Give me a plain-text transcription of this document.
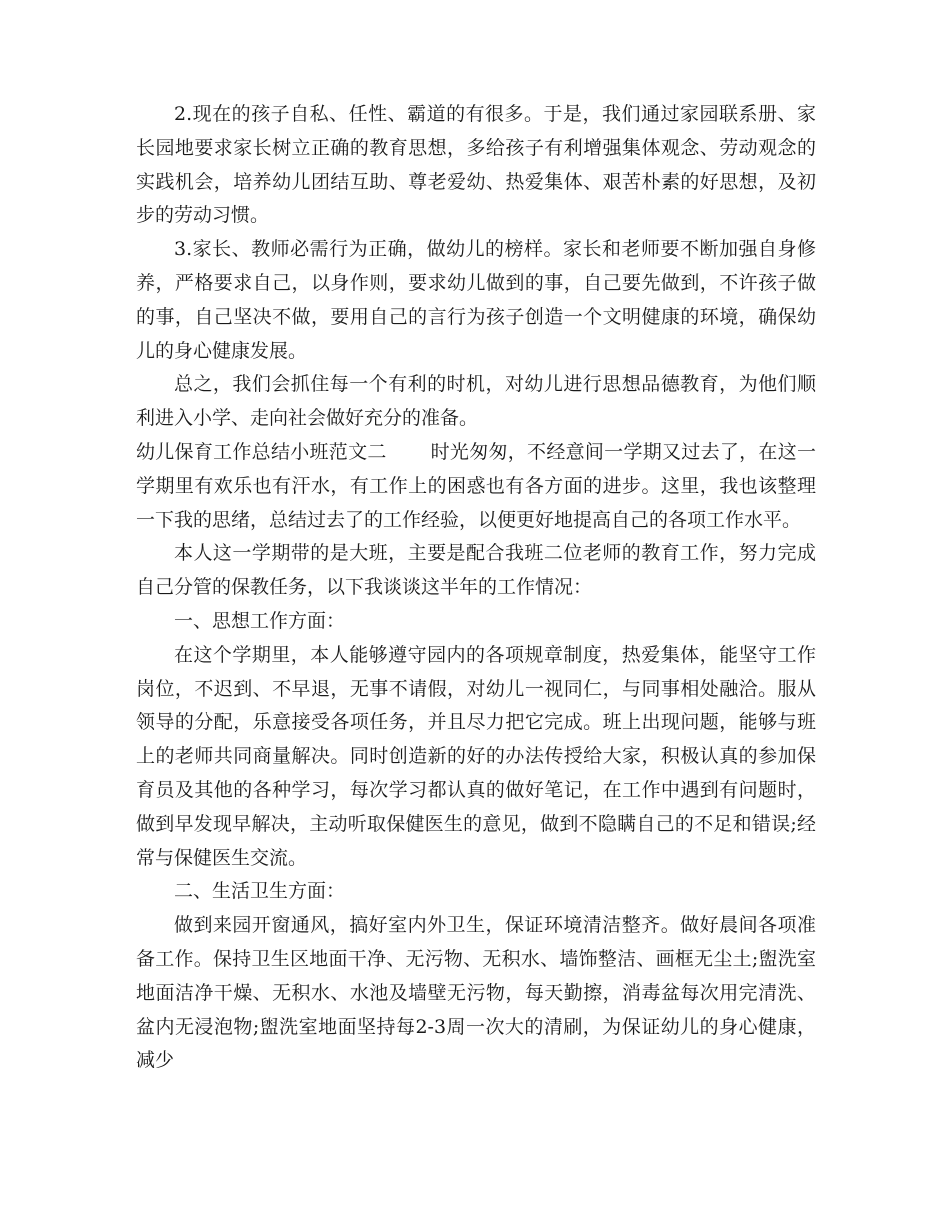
2.现在的孩子自私、任性、霸道的有很多。于是，我们通过家园联系册、家长园地要求家长树立正确的教育思想，多给孩子有利增强集体观念、劳动观念的实践机会，培养幼儿团结互助、尊老爱幼、热爱集体、艰苦朴素的好思想，及初步的劳动习惯。

3.家长、教师必需行为正确，做幼儿的榜样。家长和老师要不断加强自身修养，严格要求自己，以身作则，要求幼儿做到的事，自己要先做到，不许孩子做的事，自己坚决不做，要用自己的言行为孩子创造一个文明健康的环境，确保幼儿的身心健康发展。

总之，我们会抓住每一个有利的时机，对幼儿进行思想品德教育，为他们顺利进入小学、走向社会做好充分的准备。

幼儿保育工作总结小班范文二 时光匆匆，不经意间一学期又过去了，在这一学期里有欢乐也有汗水，有工作上的困惑也有各方面的进步。这里，我也该整理一下我的思绪，总结过去了的工作经验，以便更好地提高自己的各项工作水平。

本人这一学期带的是大班，主要是配合我班二位老师的教育工作，努力完成自己分管的保教任务，以下我谈谈这半年的工作情况：

一、思想工作方面：

在这个学期里，本人能够遵守园内的各项规章制度，热爱集体，能坚守工作岗位，不迟到、不早退，无事不请假，对幼儿一视同仁，与同事相处融洽。服从领导的分配，乐意接受各项任务，并且尽力把它完成。班上出现问题，能够与班上的老师共同商量解决。同时创造新的好的办法传授给大家，积极认真的参加保育员及其他的各种学习，每次学习都认真的做好笔记，在工作中遇到有问题时，做到早发现早解决，主动听取保健医生的意见，做到不隐瞒自己的不足和错误;经常与保健医生交流。

二、生活卫生方面：

做到来园开窗通风，搞好室内外卫生，保证环境清洁整齐。做好晨间各项准备工作。保持卫生区地面干净、无污物、无积水、墙饰整洁、画框无尘土;盥洗室地面洁净干燥、无积水、水池及墙壁无污物，每天勤擦，消毒盆每次用完清洗、盆内无浸泡物;盥洗室地面坚持每2-3周一次大的清刷，为保证幼儿的身心健康，减少
